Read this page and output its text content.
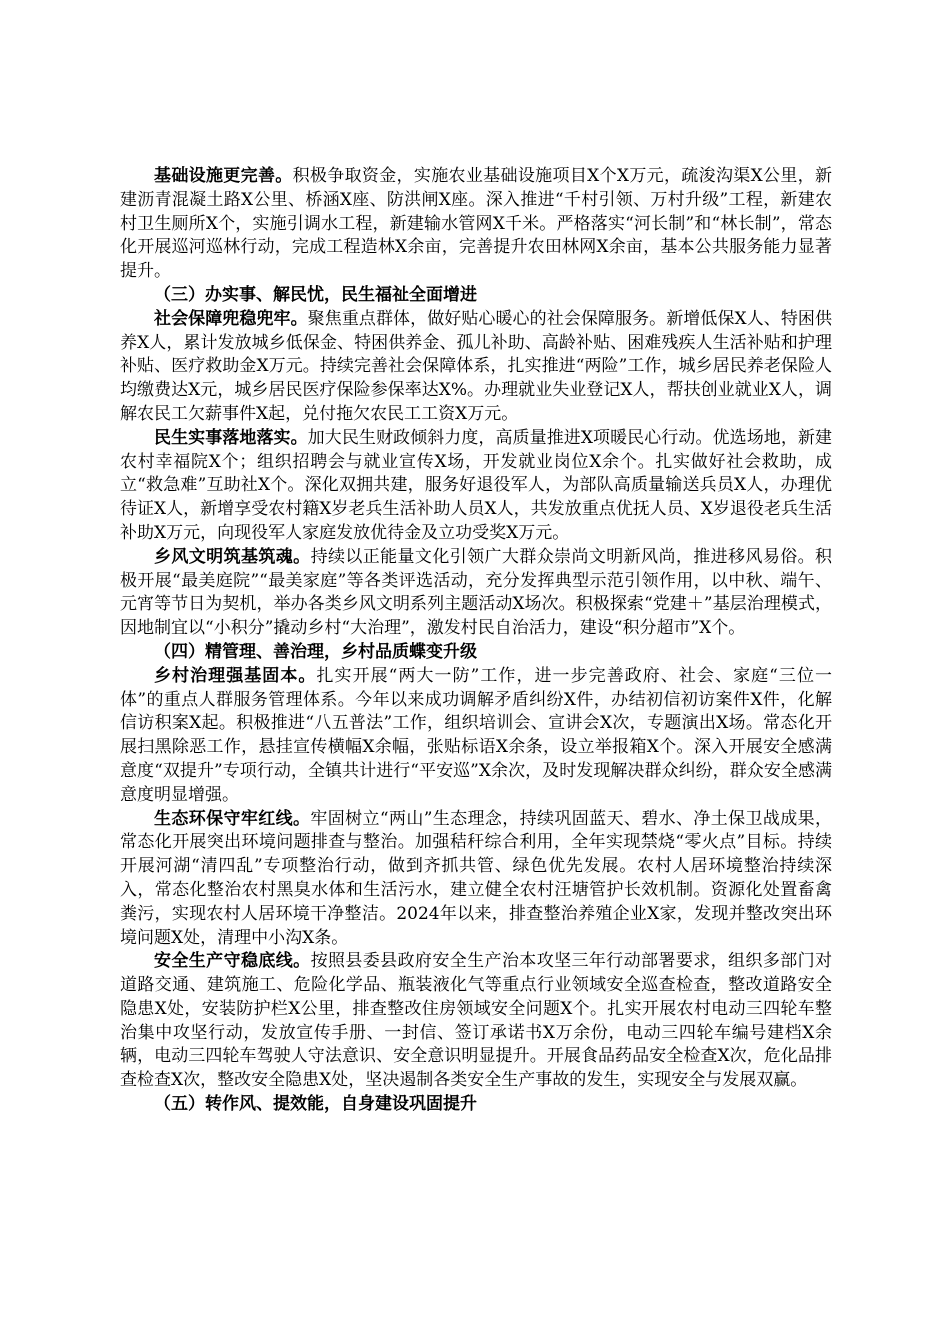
基础设施更完善。积极争取资金，实施农业基础设施项目X个X万元，疏浚沟渠X公里，新建沥青混凝土路X公里、桥涵X座、防洪闸X座。深入推进“千村引领、万村升级”工程，新建农村卫生厕所X个，实施引调水工程，新建输水管网X千米。严格落实“河长制”和“林长制”，常态化开展巡河巡林行动，完成工程造林X余亩，完善提升农田林网X余亩，基本公共服务能力显著提升。

（三）办实事、解民忧，民生福祉全面增进

社会保障兜稳兜牢。聚焦重点群体，做好贴心暖心的社会保障服务。新增低保X人、特困供养X人，累计发放城乡低保金、特困供养金、孤儿补助、高龄补贴、困难残疾人生活补贴和护理补贴、医疗救助金X万元。持续完善社会保障体系，扎实推进“两险”工作，城乡居民养老保险人均缴费达X元，城乡居民医疗保险参保率达X%。办理就业失业登记X人，帮扶创业就业X人，调解农民工欠薪事件X起，兑付拖欠农民工工资X万元。

民生实事落地落实。加大民生财政倾斜力度，高质量推进X项暖民心行动。优选场地，新建农村幸福院X个；组织招聘会与就业宣传X场，开发就业岗位X余个。扎实做好社会救助，成立“救急难”互助社X个。深化双拥共建，服务好退役军人，为部队高质量输送兵员X人，办理优待证X人，新增享受农村籍X岁老兵生活补助人员X人，共发放重点优抚人员、X岁退役老兵生活补助X万元，向现役军人家庭发放优待金及立功受奖X万元。

乡风文明筑基筑魂。持续以正能量文化引领广大群众崇尚文明新风尚，推进移风易俗。积极开展“最美庭院”“最美家庭”等各类评选活动，充分发挥典型示范引领作用，以中秋、端午、元宵等节日为契机，举办各类乡风文明系列主题活动X场次。积极探索“党建＋”基层治理模式，因地制宜以“小积分”撬动乡村“大治理”，激发村民自治活力，建设“积分超市”X个。

（四）精管理、善治理，乡村品质蝶变升级

乡村治理强基固本。扎实开展“两大一防”工作，进一步完善政府、社会、家庭“三位一体”的重点人群服务管理体系。今年以来成功调解矛盾纠纷X件，办结初信初访案件X件，化解信访积案X起。积极推进“八五普法”工作，组织培训会、宣讲会X次，专题演出X场。常态化开展扫黑除恶工作，悬挂宣传横幅X余幅，张贴标语X余条，设立举报箱X个。深入开展安全感满意度“双提升”专项行动，全镇共计进行“平安巡”X余次，及时发现解决群众纠纷，群众安全感满意度明显增强。

生态环保守牢红线。牢固树立“两山”生态理念，持续巩固蓝天、碧水、净土保卫战成果，常态化开展突出环境问题排查与整治。加强秸秆综合利用，全年实现禁烧“零火点”目标。持续开展河湖“清四乱”专项整治行动，做到齐抓共管、绿色优先发展。农村人居环境整治持续深入，常态化整治农村黑臭水体和生活污水，建立健全农村汪塘管护长效机制。资源化处置畜禽粪污，实现农村人居环境干净整洁。2024年以来，排查整治养殖企业X家，发现并整改突出环境问题X处，清理中小沟X条。

安全生产守稳底线。按照县委县政府安全生产治本攻坚三年行动部署要求，组织多部门对道路交通、建筑施工、危险化学品、瓶装液化气等重点行业领域安全巡查检查，整改道路安全隐患X处，安装防护栏X公里，排查整改住房领域安全问题X个。扎实开展农村电动三四轮车整治集中攻坚行动，发放宣传手册、一封信、签订承诺书X万余份，电动三四轮车编号建档X余辆，电动三四轮车驾驶人守法意识、安全意识明显提升。开展食品药品安全检查X次，危化品排查检查X次，整改安全隐患X处，坚决遏制各类安全生产事故的发生，实现安全与发展双赢。

（五）转作风、提效能，自身建设巩固提升
